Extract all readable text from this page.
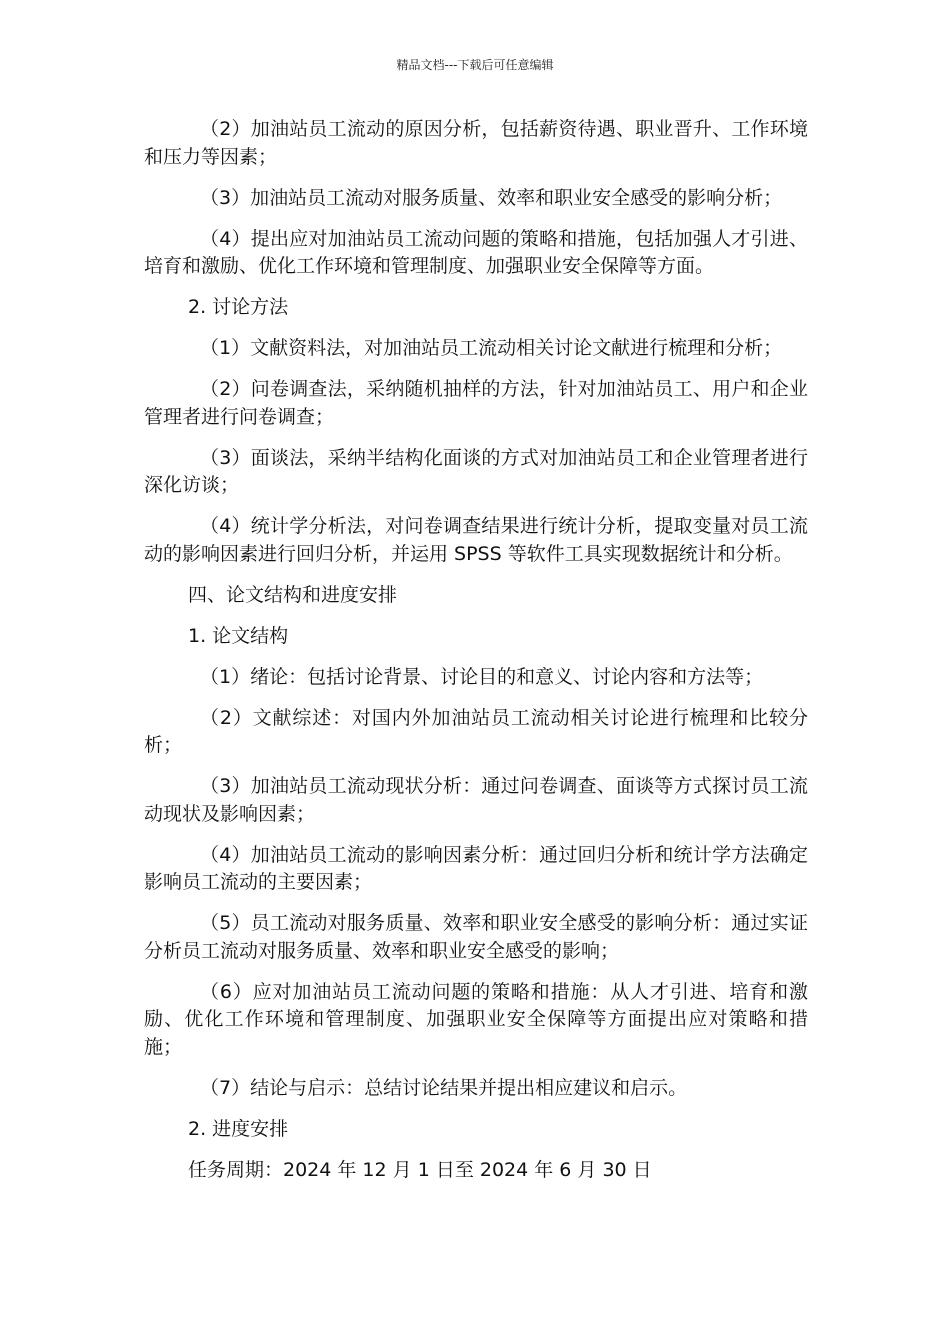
精品文档---下载后可任意编辑

（2）加油站员工流动的原因分析，包括薪资待遇、职业晋升、工作环境和压力等因素；

（3）加油站员工流动对服务质量、效率和职业安全感受的影响分析；

（4）提出应对加油站员工流动问题的策略和措施，包括加强人才引进、培育和激励、优化工作环境和管理制度、加强职业安全保障等方面。

2. 讨论方法

（1）文献资料法，对加油站员工流动相关讨论文献进行梳理和分析；

（2）问卷调查法，采纳随机抽样的方法，针对加油站员工、用户和企业管理者进行问卷调查；

（3）面谈法，采纳半结构化面谈的方式对加油站员工和企业管理者进行深化访谈；

（4）统计学分析法，对问卷调查结果进行统计分析，提取变量对员工流动的影响因素进行回归分析，并运用 SPSS 等软件工具实现数据统计和分析。

四、论文结构和进度安排

1. 论文结构

（1）绪论：包括讨论背景、讨论目的和意义、讨论内容和方法等；

（2）文献综述：对国内外加油站员工流动相关讨论进行梳理和比较分析；

（3）加油站员工流动现状分析：通过问卷调查、面谈等方式探讨员工流动现状及影响因素；

（4）加油站员工流动的影响因素分析：通过回归分析和统计学方法确定影响员工流动的主要因素；

（5）员工流动对服务质量、效率和职业安全感受的影响分析：通过实证分析员工流动对服务质量、效率和职业安全感受的影响；

（6）应对加油站员工流动问题的策略和措施：从人才引进、培育和激励、优化工作环境和管理制度、加强职业安全保障等方面提出应对策略和措施；

（7）结论与启示：总结讨论结果并提出相应建议和启示。

2. 进度安排

任务周期：2024 年 12 月 1 日至 2024 年 6 月 30 日
